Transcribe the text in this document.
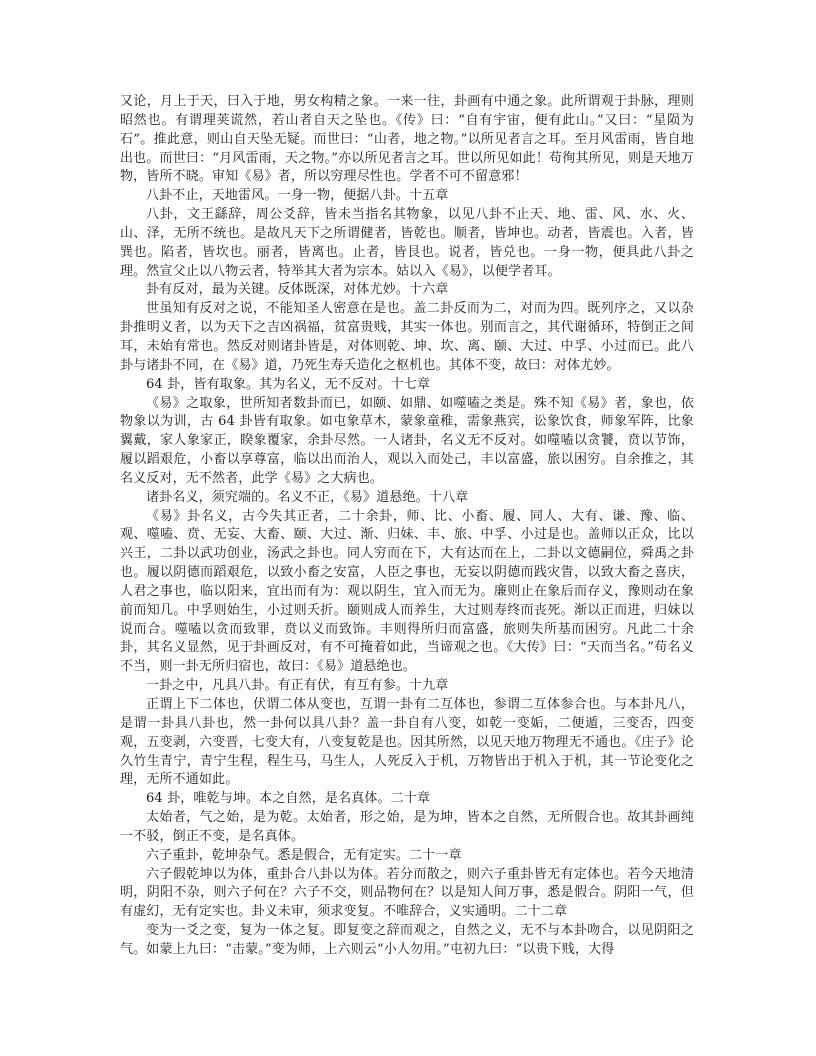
又论，月上于天，曰入于地，男女构精之象。一来一往，卦画有中通之象。此所谓观于卦脉，理则昭然也。有谓理荚谎然，若山者自天之坠也。《传》曰：“自有宇宙，便有此山。”又曰：“星陨为石”。推此意，则山自天坠无疑。而世曰：“山者，地之物。”以所见者言之耳。至月风雷雨，皆自地出也。而世曰：“月风雷雨，天之物。”亦以所见者言之耳。世以所见如此！苟徇其所见，则是天地万物，皆所不晓。审知《易》者，所以穷理尽性也。学者不可不留意邪！

八卦不止，天地雷风。一身一物，便据八卦。十五章

八卦，文王繇辞，周公爻辞，皆未当指名其物象，以见八卦不止天、地、雷、风、水、火、山、泽，无所不统也。是故凡天下之所谓健者，皆乾也。顺者，皆坤也。动者，皆震也。入者，皆巽也。陷者，皆坎也。丽者，皆离也。止者，皆艮也。说者，皆兑也。一身一物，便具此八卦之理。然宣父止以八物云者，特举其大者为宗本。姑以入《易》，以便学者耳。

卦有反对，最为关键。反体既深，对体尤妙。十六章

世虽知有反对之说，不能知圣人密意在是也。盖二卦反而为二，对而为四。既列序之，又以杂卦推明义者，以为天下之吉凶祸福，贫富贵贱，其实一体也。别而言之，其代谢循环，特倒正之间耳，未始有常也。然反对则诸卦皆是，对体则乾、坤、坎、离、颐、大过、中孚、小过而已。此八卦与诸卦不同，在《易》道，乃死生寿夭造化之枢机也。其体不变，故曰：对体尤妙。

64 卦，皆有取象。其为名义，无不反对。十七章

《易》之取象，世所知者数卦而已，如颐、如鼎、如噬嗑之类是。殊不知《易》者，象也，依物象以为训，古 64 卦皆有取象。如屯象草木，蒙象童稚，需象燕宾，讼象饮食，师象军阵，比象翼戴，家人象家正，睽象覆家，余卦尽然。一人诸卦，名义无不反对。如噬嗑以贪饕，贲以节饰，履以蹈艰危，小畜以享尊富，临以出而治人，观以入而处己，丰以富盛，旅以困穷。自余推之，其名义反对，无不然者，此学《易》之大病也。

诸卦名义，须究端的。名义不正，《易》道悬绝。十八章

《易》卦名义，古今失其正者，二十余卦，师、比、小畜、履、同人、大有、谦、豫、临、观、噬嗑、贲、无妄、大畜、颐、大过、渐、归妹、丰、旅、中孚、小过是也。盖师以正众，比以兴王，二卦以武功创业，汤武之卦也。同人穷而在下，大有达而在上，二卦以文德嗣位，舜禹之卦也。履以阴德而蹈艰危，以致小畜之安富，人臣之事也，无妄以阴德而践灾眚，以致大畜之喜庆，人君之事也，临以阳来，宜出而有为：观以阴生，宜入而无为。廉则止在象后而存义，豫则动在象前而知几。中孚则始生，小过则夭折。颐则成人而养生，大过则寿终而丧死。渐以正而进，归妹以说而合。噬嗑以贪而致罪，贲以义而致饰。丰则得所归而富盛，旅则失所基而困穷。凡此二十余卦，其名义显然，见于卦画反对，有不可掩着如此，当谛观之也。《大传》曰：“天而当名。”苟名义不当，则一卦无所归宿也，故曰：《易》道悬绝也。

一卦之中，凡具八卦。有正有伏，有互有参。十九章

正谓上下二体也，伏谓二体从变也，互谓一卦有二互体也，参谓二互体参合也。与本卦凡八，是谓一卦具八卦也，然一卦何以具八卦？盖一卦自有八变，如乾一变姤，二便遁，三变否，四变观，五变剥，六变晋，七变大有，八变复乾是也。因其所然，以见天地万物理无不通也。《庄子》论久竹生青宁，青宁生程，程生马，马生人，人死反入于机，万物皆出于机入于机，其一节论变化之理，无所不通如此。

64 卦，唯乾与坤。本之自然，是名真体。二十章

太始者，气之始，是为乾。太始者，形之始，是为坤，皆本之自然，无所假合也。故其卦画纯一不驳，倒正不变，是名真体。

六子重卦，乾坤杂气。悉是假合，无有定实。二十一章

六子假乾坤以为体，重卦合八卦以为体。若分而散之，则六子重卦皆无有定体也。若今天地清明，阴阳不杂，则六子何在？六子不交，则品物何在？以是知人间万事，悉是假合。阴阳一气，但有虚幻，无有定实也。卦义未审，须求变复。不唯辞合，义实通明。二十二章

变为一爻之变，复为一体之复。即复变之辞而观之，自然之义，无不与本卦吻合，以见阴阳之气。如蒙上九曰：“击蒙。”变为师，上六则云“小人勿用。”屯初九曰：“以贵下贱，大得
